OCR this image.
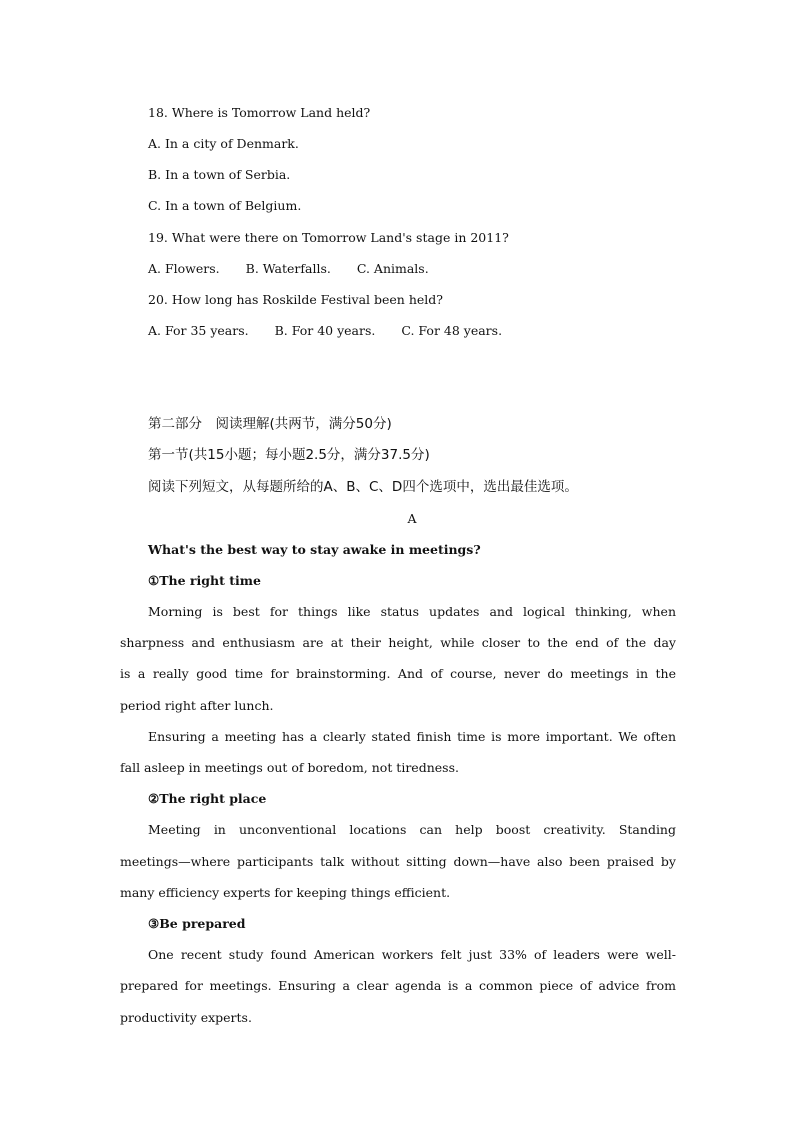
18. Where is Tomorrow Land held?

A. In a city of Denmark.

B. In a town of Serbia.

C. In a town of Belgium.

19. What were there on Tomorrow Land's stage in 2011?

A. Flowers. B. Waterfalls. C. Animals.

20. How long has Roskilde Festival been held?

A. For 35 years. B. For 40 years. C. For 48 years.

第二部分　阅读理解(共两节，满分50分)

第一节(共15小题；每小题2.5分，满分37.5分)

阅读下列短文，从每题所给的A、B、C、D四个选项中，选出最佳选项。

A

What's the best way to stay awake in meetings?

①The right time

Morning is best for things like status updates and logical thinking, when

sharpness and enthusiasm are at their height, while closer to the end of the day

is a really good time for brainstorming. And of course, never do meetings in the

period right after lunch.

Ensuring a meeting has a clearly stated finish time is more important. We often

fall asleep in meetings out of boredom, not tiredness.

②The right place

Meeting in unconventional locations can help boost creativity. Standing

meetings—where participants talk without sitting down—have also been praised by

many efficiency experts for keeping things efficient.

③Be prepared

One recent study found American workers felt just 33% of leaders were well-

prepared for meetings. Ensuring a clear agenda is a common piece of advice from

productivity experts.
